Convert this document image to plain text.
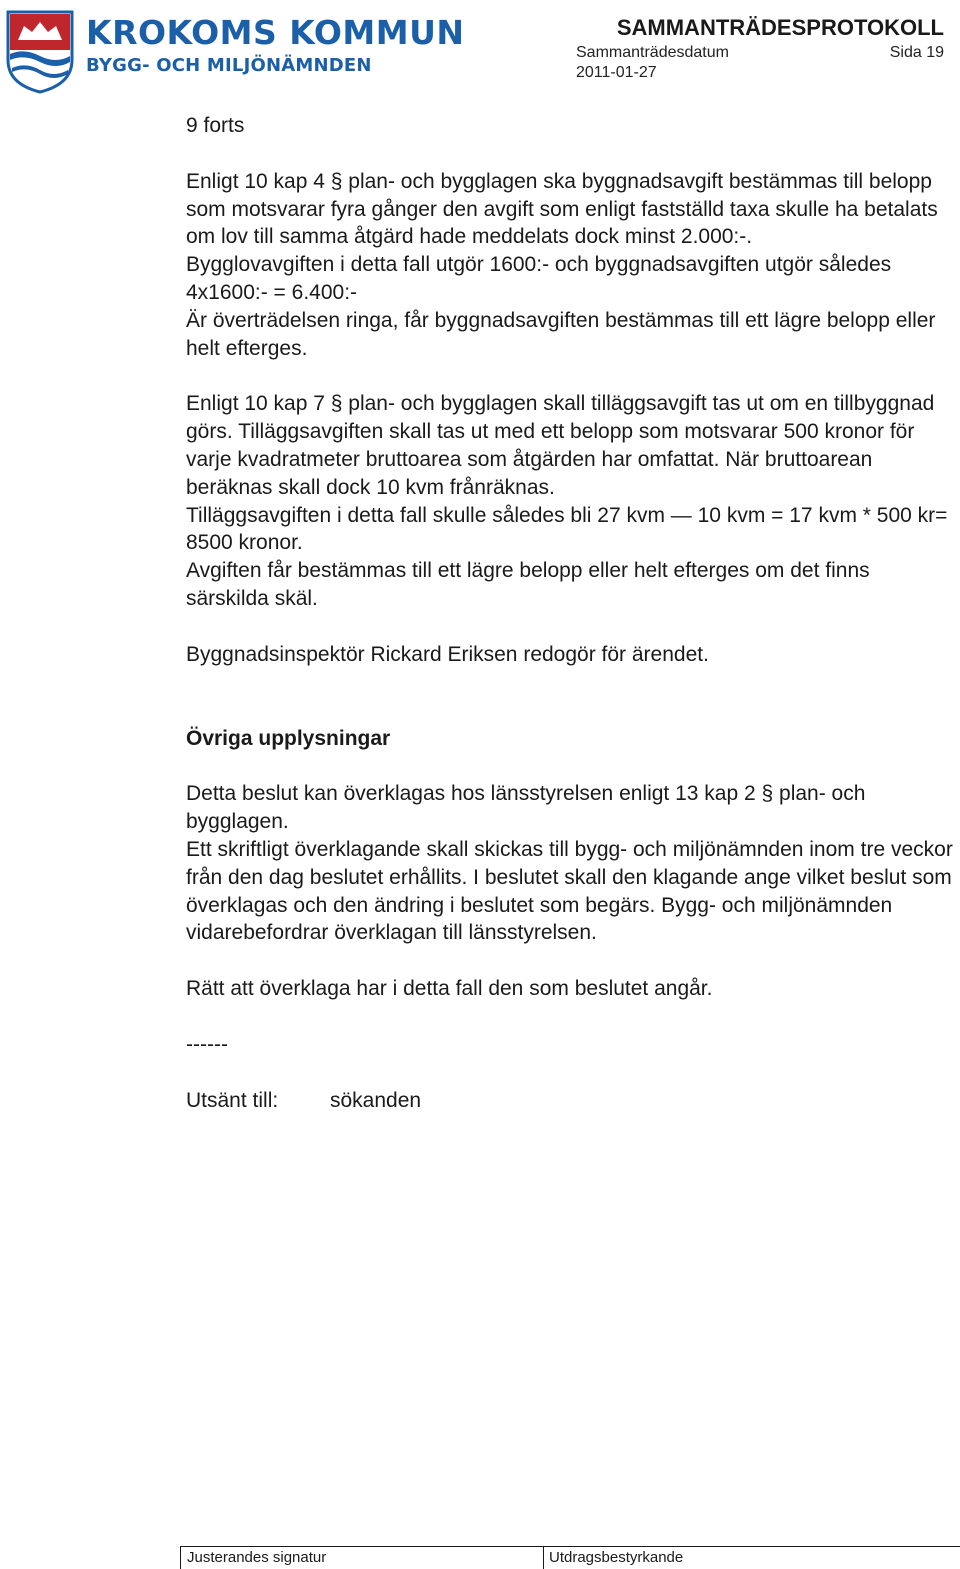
KROKOMS KOMMUN
BYGG- OCH MILJÖNÄMNDEN
SAMMANTRÄDESPROTOKOLL
Sammanträdesdatum	Sida 19
2011-01-27

9 forts

Enligt 10 kap 4 § plan- och bygglagen ska byggnadsavgift bestämmas till belopp som motsvarar fyra gånger den avgift som enligt fastställd taxa skulle ha betalats om lov till samma åtgärd hade meddelats dock minst 2.000:-.

Bygglovavgiften i detta fall utgör 1600:- och byggnadsavgiften utgör således 4x1600:- = 6.400:-

Är överträdelsen ringa, får byggnadsavgiften bestämmas till ett lägre belopp eller helt efterges.

Enligt 10 kap 7 § plan- och bygglagen skall tilläggsavgift tas ut om en tillbyggnad görs. Tilläggsavgiften skall tas ut med ett belopp som motsvarar 500 kronor för varje kvadratmeter bruttoarea som åtgärden har omfattat. När bruttoarean beräknas skall dock 10 kvm frånräknas.

Tilläggsavgiften i detta fall skulle således bli 27 kvm — 10 kvm = 17 kvm * 500 kr= 8500 kronor.

Avgiften får bestämmas till ett lägre belopp eller helt efterges om det finns särskilda skäl.

Byggnadsinspektör Rickard Eriksen redogör för ärendet.

Övriga upplysningar

Detta beslut kan överklagas hos länsstyrelsen enligt 13 kap 2 § plan- och bygglagen.

Ett skriftligt överklagande skall skickas till bygg- och miljönämnden inom tre veckor från den dag beslutet erhållits. I beslutet skall den klagande ange vilket beslut som överklagas och den ändring i beslutet som begärs. Bygg- och miljönämnden vidarebefordrar överklagan till länsstyrelsen.

Rätt att överklaga har i detta fall den som beslutet angår.

------

Utsänt till:	sökanden
Justerandes signatur	Utdragsbestyrkande
